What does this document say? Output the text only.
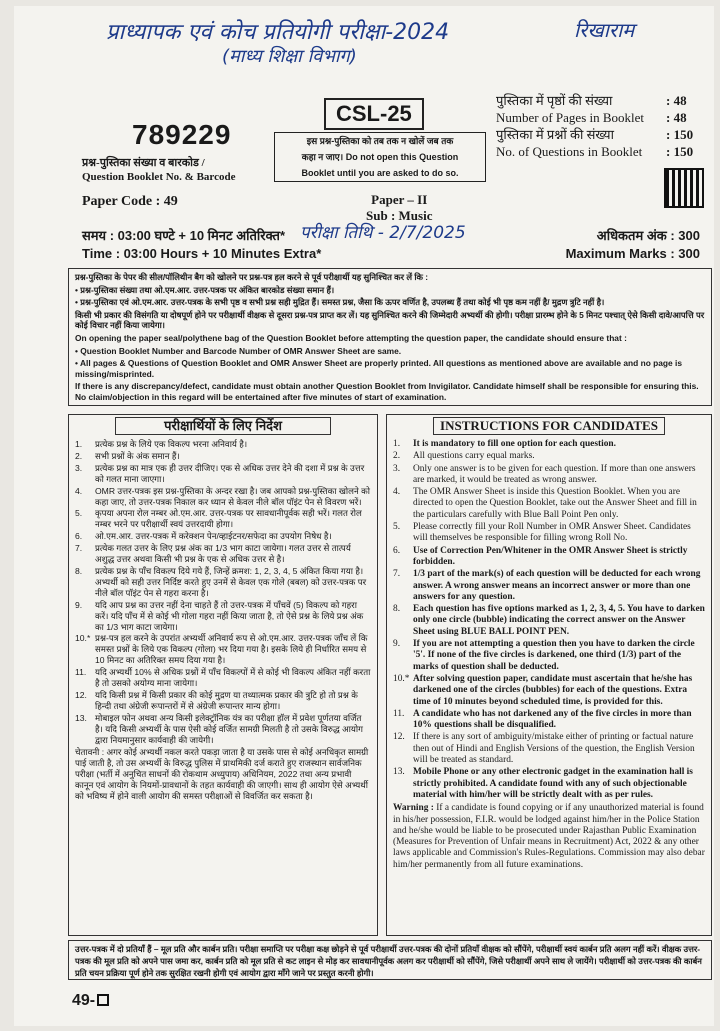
प्राध्यापक एवं कोच प्रतियोगी परीक्षा-2024
(माध्य शिक्षा विभाग)
रिखाराम
CSL-25
इस प्रश्न-पुस्तिका को तब तक न खोलें जब तक
कहा न जाए। Do not open this Question
Booklet until you are asked to do so.
पुस्तिका में पृष्ठों की संख्या	: 48
Number of Pages in Booklet : 48
पुस्तिका में प्रश्नों की संख्या	: 150
No. of Questions in Booklet : 150
789229
प्रश्न-पुस्तिका संख्या व बारकोड /
Question Booklet No. & Barcode
Paper Code : 49	Paper – II
Sub : Music
परीक्षा तिथि - 2/7/2025
समय : 03:00 घण्टे + 10 मिनट अतिरिक्त*
Time : 03:00 Hours + 10 Minutes Extra*
अधिकतम अंक : 300
Maximum Marks : 300

प्रश्न-पुस्तिका के पेपर की सील/पॉलिथीन बैग को खोलने पर प्रश्न-पत्र हल करने से पूर्व परीक्षार्थी यह सुनिश्चित कर लें कि :

• प्रश्न-पुस्तिका संख्या तथा ओ.एम.आर. उत्तर-पत्रक पर अंकित बारकोड संख्या समान हैं।

• प्रश्न-पुस्तिका एवं ओ.एम.आर. उत्तर-पत्रक के सभी पृष्ठ व सभी प्रश्न सही मुद्रित हैं। समस्त प्रश्न, जैसा कि ऊपर वर्णित है, उपलब्ध हैं तथा कोई भी पृष्ठ कम नहीं है/ मुद्रण त्रुटि नहीं है।

किसी भी प्रकार की विसंगति या दोषपूर्ण होने पर परीक्षार्थी वीक्षक से दूसरा प्रश्न-पत्र प्राप्त कर लें। यह सुनिश्चित करने की जिम्मेदारी अभ्यर्थी की होगी। परीक्षा प्रारम्भ होने के 5 मिनट पश्चात् ऐसे किसी दावे/आपत्ति पर कोई विचार नहीं किया जायेगा।

On opening the paper seal/polythene bag of the Question Booklet before attempting the question paper, the candidate should ensure that :

• Question Booklet Number and Barcode Number of OMR Answer Sheet are same.

• All pages & Questions of Question Booklet and OMR Answer Sheet are properly printed. All questions as mentioned above are available and no page is missing/misprinted.

If there is any discrepancy/defect, candidate must obtain another Question Booklet from Invigilator. Candidate himself shall be responsible for ensuring this. No claim/objection in this regard will be entertained after five minutes of start of examination.

परीक्षार्थियों के लिए निर्देश
1.	प्रत्येक प्रश्न के लिये एक विकल्प भरना अनिवार्य है।
2.	सभी प्रश्नों के अंक समान हैं।
3.	प्रत्येक प्रश्न का मात्र एक ही उत्तर दीजिए। एक से अधिक उत्तर देने की दशा में प्रश्न के उत्तर को गलत माना जाएगा।
4.	OMR उत्तर-पत्रक इस प्रश्न-पुस्तिका के अन्दर रखा है। जब आपको प्रश्न-पुस्तिका खोलने को कहा जाए, तो उत्तर-पत्रक निकाल कर ध्यान से केवल नीले बॉल पॉइंट पेन से विवरण भरें।
5.	कृपया अपना रोल नम्बर ओ.एम.आर. उत्तर-पत्रक पर सावधानीपूर्वक सही भरें। गलत रोल नम्बर भरने पर परीक्षार्थी स्वयं उत्तरदायी होगा।
6.	ओ.एम.आर. उत्तर-पत्रक में करेक्शन पेन/व्हाईटनर/सफेदा का उपयोग निषेध है।
7.	प्रत्येक गलत उत्तर के लिए प्रश्न अंक का 1/3 भाग काटा जायेगा। गलत उत्तर से तात्पर्य अशुद्ध उत्तर अथवा किसी भी प्रश्न के एक से अधिक उत्तर से है।
8.	प्रत्येक प्रश्न के पाँच विकल्प दिये गये हैं, जिन्हें क्रमश: 1, 2, 3, 4, 5 अंकित किया गया है। अभ्यर्थी को सही उत्तर निर्दिष्ट करते हुए उनमें से केवल एक गोले (बबल) को उत्तर-पत्रक पर नीले बॉल पॉइंट पेन से गहरा करना है।
9.	यदि आप प्रश्न का उत्तर नहीं देना चाहते हैं तो उत्तर-पत्रक में पाँचवें (5) विकल्प को गहरा करें। यदि पाँच में से कोई भी गोला गहरा नहीं किया जाता है, तो ऐसे प्रश्न के लिये प्रश्न अंक का 1/3 भाग काटा जायेगा।
10.* प्रश्न-पत्र हल करने के उपरांत अभ्यर्थी अनिवार्य रूप से ओ.एम.आर. उत्तर-पत्रक जाँच लें कि समस्त प्रश्नों के लिये एक विकल्प (गोला) भर दिया गया है। इसके लिये ही निर्धारित समय से 10 मिनट का अतिरिक्त समय दिया गया है।
11.	यदि अभ्यर्थी 10% से अधिक प्रश्नों में पाँच विकल्पों में से कोई भी विकल्प अंकित नहीं करता है तो उसको अयोग्य माना जायेगा।
12. यदि किसी प्रश्न में किसी प्रकार की कोई मुद्रण या तथ्यात्मक प्रकार की त्रुटि हो तो प्रश्न के हिन्दी तथा अंग्रेजी रूपान्तरों में से अंग्रेजी रूपान्तर मान्य होगा।
13. मोबाइल फोन अथवा अन्य किसी इलेक्ट्रॉनिक यंत्र का परीक्षा हॉल में प्रवेश पूर्णतया वर्जित है। यदि किसी अभ्यर्थी के पास ऐसी कोई वर्जित सामग्री मिलती है तो उसके विरुद्ध आयोग द्वारा नियमानुसार कार्यवाही की जायेगी।
चेतावनी : अगर कोई अभ्यर्थी नकल करते पकड़ा जाता है या उसके पास से कोई अनधिकृत सामग्री पाई जाती है, तो उस अभ्यर्थी के विरुद्ध पुलिस में प्राथमिकी दर्ज कराते हुए राजस्थान सार्वजनिक परीक्षा (भर्ती में अनुचित साधनों की रोकथाम अध्युपाय) अधिनियम, 2022 तथा अन्य प्रभावी कानून एवं आयोग के नियमों-प्रावधानों के तहत कार्यवाही की जाएगी। साथ ही आयोग ऐसे अभ्यर्थी को भविष्य में होने वाली आयोग की समस्त परीक्षाओं से विवर्जित कर सकता है।
INSTRUCTIONS FOR CANDIDATES
1.	It is mandatory to fill one option for each question.
2.	All questions carry equal marks.
3.	Only one answer is to be given for each question. If more than one answers are marked, it would be treated as wrong answer.
4.	The OMR Answer Sheet is inside this Question Booklet. When you are directed to open the Question Booklet, take out the Answer Sheet and fill in the particulars carefully with Blue Ball Point Pen only.
5.	Please correctly fill your Roll Number in OMR Answer Sheet. Candidates will themselves be responsible for filling wrong Roll No.
6.	Use of Correction Pen/Whitener in the OMR Answer Sheet is strictly forbidden.
7.	1/3 part of the mark(s) of each question will be deducted for each wrong answer. A wrong answer means an incorrect answer or more than one answers for any question.
8.	Each question has five options marked as 1, 2, 3, 4, 5. You have to darken only one circle (bubble) indicating the correct answer on the Answer Sheet using BLUE BALL POINT PEN.
9.	If you are not attempting a question then you have to darken the circle '5'. If none of the five circles is darkened, one third (1/3) part of the marks of question shall be deducted.
10.* After solving question paper, candidate must ascertain that he/she has darkened one of the circles (bubbles) for each of the questions. Extra time of 10 minutes beyond scheduled time, is provided for this.
11. A candidate who has not darkened any of the five circles in more than 10% questions shall be disqualified.
12. If there is any sort of ambiguity/mistake either of printing or factual nature then out of Hindi and English Versions of the question, the English Version will be treated as standard.
13. Mobile Phone or any other electronic gadget in the examination hall is strictly prohibited. A candidate found with any of such objectionable material with him/her will be strictly dealt with as per rules.
Warning : If a candidate is found copying or if any unauthorized material is found in his/her possession, F.I.R. would be lodged against him/her in the Police Station and he/she would be liable to be prosecuted under Rajasthan Public Examination (Measures for Prevention of Unfair means in Recruitment) Act, 2022 & any other laws applicable and Commission's Rules-Regulations. Commission may also debar him/her permanently from all future examinations.
उत्तर-पत्रक में दो प्रतियाँ हैं – मूल प्रति और कार्बन प्रति। परीक्षा समाप्ति पर परीक्षा कक्ष छोड़ने से पूर्व परीक्षार्थी उत्तर-पत्रक की दोनों प्रतियाँ वीक्षक को सौंपेंगे, परीक्षार्थी स्वयं कार्बन प्रति अलग नहीं करें। वीक्षक उत्तर-पत्रक की मूल प्रति को अपने पास जमा कर, कार्बन प्रति को मूल प्रति से कट लाइन से मोड़ कर सावधानीपूर्वक अलग कर परीक्षार्थी को सौंपेंगे, जिसे परीक्षार्थी अपने साथ ले जायेंगे। परीक्षार्थी को उत्तर-पत्रक की कार्बन प्रति चयन प्रक्रिया पूर्ण होने तक सुरक्षित रखनी होगी एवं आयोग द्वारा माँगे जाने पर प्रस्तुत करनी होगी।
49-
